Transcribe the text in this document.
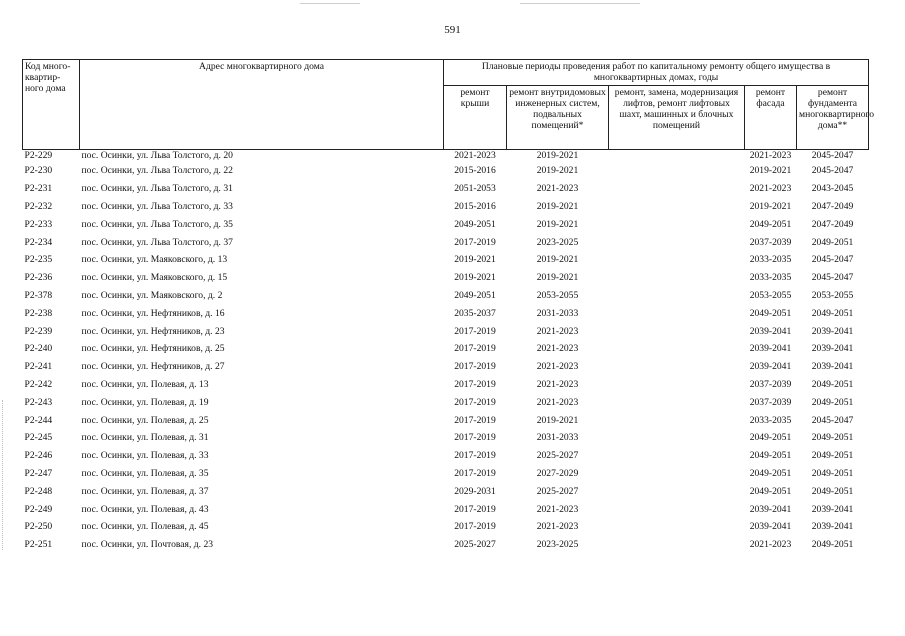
591
Код много-квартир-ного дома	Адрес многоквартирного дома	Плановые периоды проведения работ по капитальному ремонту общего имущества в многоквартирных домах, годы				
		ремонт крыши	ремонт внутридомовых инженерных систем, подвальных помещений*	ремонт, замена, модернизация лифтов, ремонт лифтовых шахт, машинных и блочных помещений	ремонт фасада	ремонт фундамента многоквартирного дома**
Р2-229	пос. Осинки, ул. Льва Толстого, д. 20	2021-2023	2019-2021		2021-2023	2045-2047
Р2-230	пос. Осинки, ул. Льва Толстого, д. 22	2015-2016	2019-2021		2019-2021	2045-2047
Р2-231	пос. Осинки, ул. Льва Толстого, д. 31	2051-2053	2021-2023		2021-2023	2043-2045
Р2-232	пос. Осинки, ул. Льва Толстого, д. 33	2015-2016	2019-2021		2019-2021	2047-2049
Р2-233	пос. Осинки, ул. Льва Толстого, д. 35	2049-2051	2019-2021		2049-2051	2047-2049
Р2-234	пос. Осинки, ул. Льва Толстого, д. 37	2017-2019	2023-2025		2037-2039	2049-2051
Р2-235	пос. Осинки, ул. Маяковского, д. 13	2019-2021	2019-2021		2033-2035	2045-2047
Р2-236	пос. Осинки, ул. Маяковского, д. 15	2019-2021	2019-2021		2033-2035	2045-2047
Р2-378	пос. Осинки, ул. Маяковского, д. 2	2049-2051	2053-2055		2053-2055	2053-2055
Р2-238	пос. Осинки, ул. Нефтяников, д. 16	2035-2037	2031-2033		2049-2051	2049-2051
Р2-239	пос. Осинки, ул. Нефтяников, д. 23	2017-2019	2021-2023		2039-2041	2039-2041
Р2-240	пос. Осинки, ул. Нефтяников, д. 25	2017-2019	2021-2023		2039-2041	2039-2041
Р2-241	пос. Осинки, ул. Нефтяников, д. 27	2017-2019	2021-2023		2039-2041	2039-2041
Р2-242	пос. Осинки, ул. Полевая, д. 13	2017-2019	2021-2023		2037-2039	2049-2051
Р2-243	пос. Осинки, ул. Полевая, д. 19	2017-2019	2021-2023		2037-2039	2049-2051
Р2-244	пос. Осинки, ул. Полевая, д. 25	2017-2019	2019-2021		2033-2035	2045-2047
Р2-245	пос. Осинки, ул. Полевая, д. 31	2017-2019	2031-2033		2049-2051	2049-2051
Р2-246	пос. Осинки, ул. Полевая, д. 33	2017-2019	2025-2027		2049-2051	2049-2051
Р2-247	пос. Осинки, ул. Полевая, д. 35	2017-2019	2027-2029		2049-2051	2049-2051
Р2-248	пос. Осинки, ул. Полевая, д. 37	2029-2031	2025-2027		2049-2051	2049-2051
Р2-249	пос. Осинки, ул. Полевая, д. 43	2017-2019	2021-2023		2039-2041	2039-2041
Р2-250	пос. Осинки, ул. Полевая, д. 45	2017-2019	2021-2023		2039-2041	2039-2041
Р2-251	пос. Осинки, ул. Почтовая, д. 23	2025-2027	2023-2025		2021-2023	2049-2051
